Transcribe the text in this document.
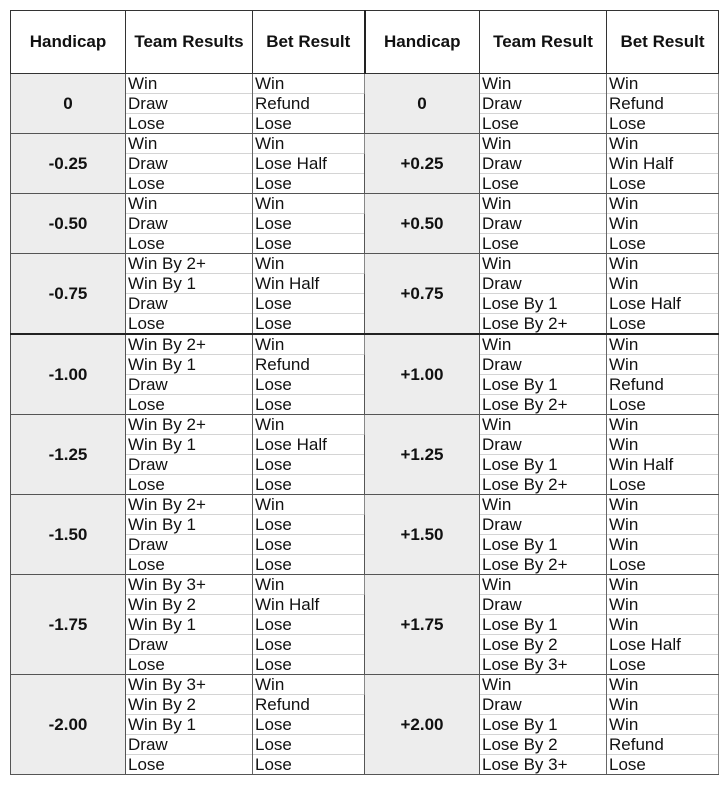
Handicap	Team Results	Bet Result	Handicap	Team Result	Bet Result
0	Win	Win	0	Win	Win
	Draw	Refund		Draw	Refund
	Lose	Lose		Lose	Lose
-0.25	Win	Win	+0.25	Win	Win
	Draw	Lose Half		Draw	Win Half
	Lose	Lose		Lose	Lose
-0.50	Win	Win	+0.50	Win	Win
	Draw	Lose		Draw	Win
	Lose	Lose		Lose	Lose
-0.75	Win By 2+	Win	+0.75	Win	Win
	Win By 1	Win Half		Draw	Win
	Draw	Lose		Lose By 1	Lose Half
	Lose	Lose		Lose By 2+	Lose
-1.00	Win By 2+	Win	+1.00	Win	Win
	Win By 1	Refund		Draw	Win
	Draw	Lose		Lose By 1	Refund
	Lose	Lose		Lose By 2+	Lose
-1.25	Win By 2+	Win	+1.25	Win	Win
	Win By 1	Lose Half		Draw	Win
	Draw	Lose		Lose By 1	Win Half
	Lose	Lose		Lose By 2+	Lose
-1.50	Win By 2+	Win	+1.50	Win	Win
	Win By 1	Lose		Draw	Win
	Draw	Lose		Lose By 1	Win
	Lose	Lose		Lose By 2+	Lose
-1.75	Win By 3+	Win	+1.75	Win	Win
	Win By 2	Win Half		Draw	Win
	Win By 1	Lose		Lose By 1	Win
	Draw	Lose		Lose By 2	Lose Half
	Lose	Lose		Lose By 3+	Lose
-2.00	Win By 3+	Win	+2.00	Win	Win
	Win By 2	Refund		Draw	Win
	Win By 1	Lose		Lose By 1	Win
	Draw	Lose		Lose By 2	Refund
	Lose	Lose		Lose By 3+	Lose
